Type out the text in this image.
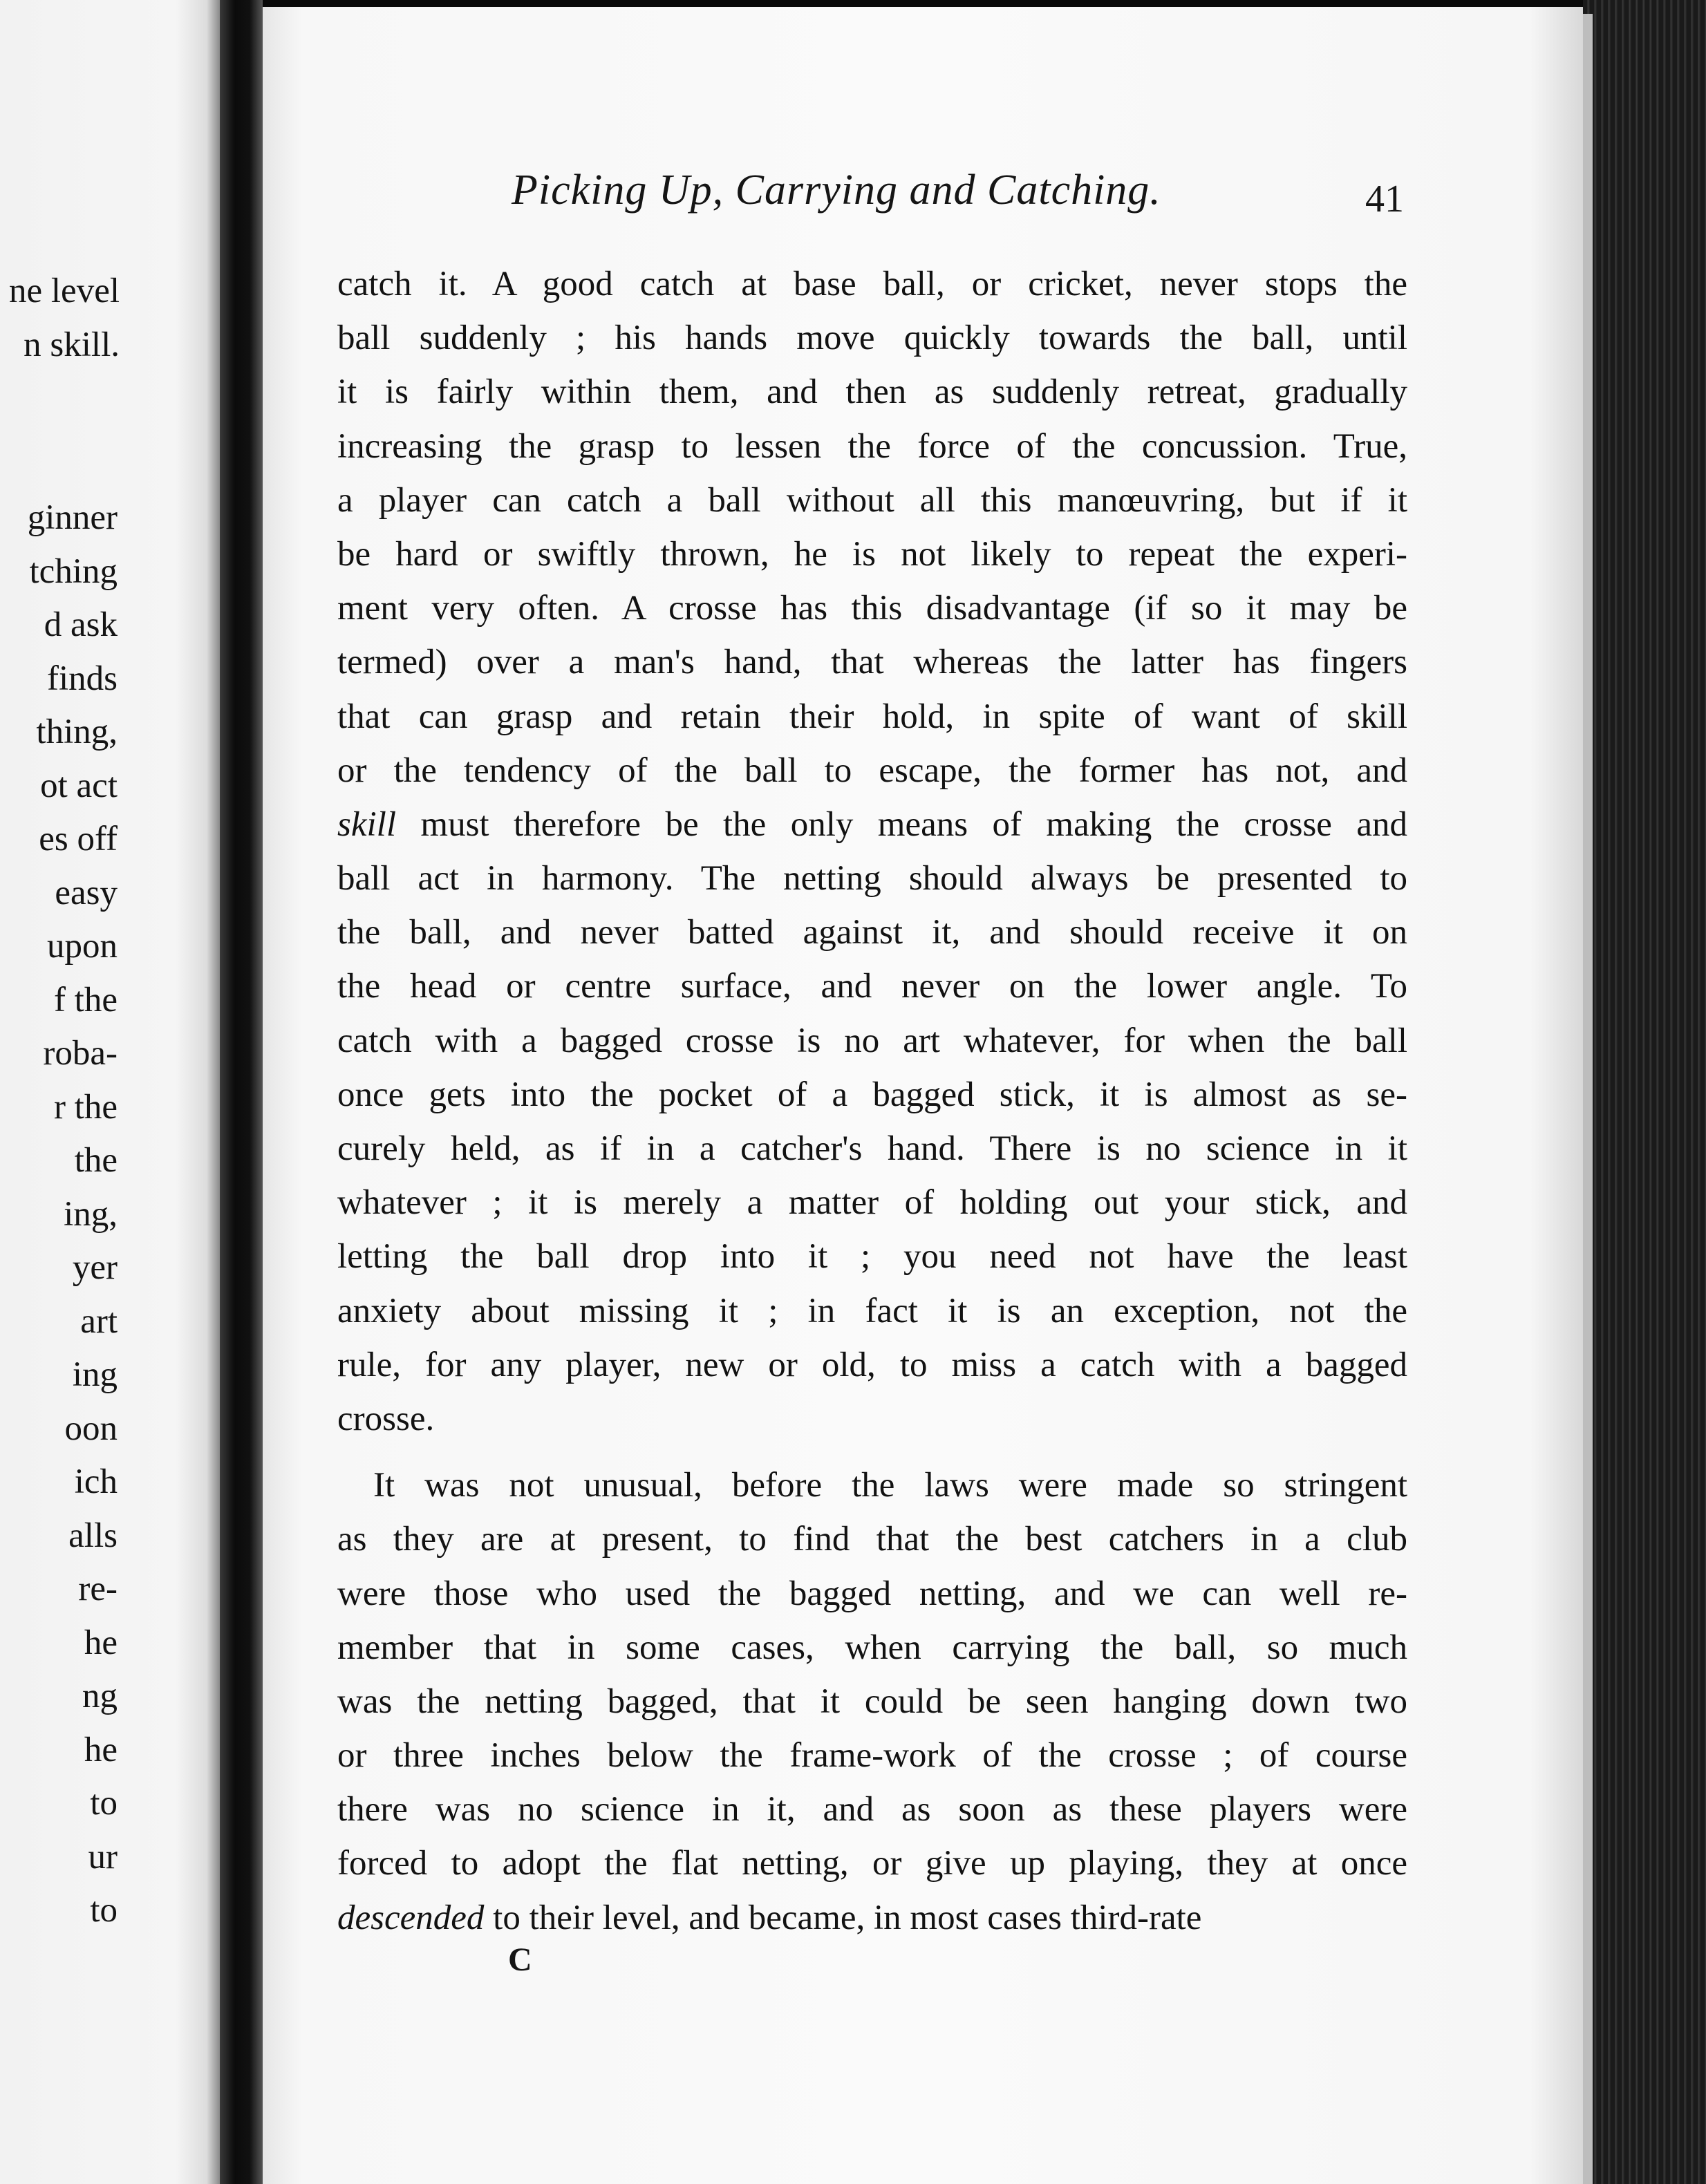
ne level
n skill.
ginner
tching
d ask
finds
thing,
ot act
es off
easy
upon
f the
roba-
r the
the
ing,
yer
art
ing
oon
ich
alls
re-
he
ng
he
to
ur
to
Picking Up, Carrying and Catching.	41
catch it. A good catch at base ball, or cricket, never stops the
ball suddenly ; his hands move quickly towards the ball, until
it is fairly within them, and then as suddenly retreat, gradually
increasing the grasp to lessen the force of the concussion. True,
a player can catch a ball without all this manœuvring, but if it
be hard or swiftly thrown, he is not likely to repeat the experi-
ment very often. A crosse has this disadvantage (if so it may be
termed) over a man's hand, that whereas the latter has fingers
that can grasp and retain their hold, in spite of want of skill
or the tendency of the ball to escape, the former has not, and
skill must therefore be the only means of making the crosse and
ball act in harmony. The netting should always be presented to
the ball, and never batted against it, and should receive it on
the head or centre surface, and never on the lower angle. To
catch with a bagged crosse is no art whatever, for when the ball
once gets into the pocket of a bagged stick, it is almost as se-
curely held, as if in a catcher's hand. There is no science in it
whatever ; it is merely a matter of holding out your stick, and
letting the ball drop into it ; you need not have the least
anxiety about missing it ; in fact it is an exception, not the
rule, for any player, new or old, to miss a catch with a bagged
crosse.
It was not unusual, before the laws were made so stringent
as they are at present, to find that the best catchers in a club
were those who used the bagged netting, and we can well re-
member that in some cases, when carrying the ball, so much
was the netting bagged, that it could be seen hanging down two
or three inches below the frame-work of the crosse ; of course
there was no science in it, and as soon as these players were
forced to adopt the flat netting, or give up playing, they at once
descended to their level, and became, in most cases third-rate
C
